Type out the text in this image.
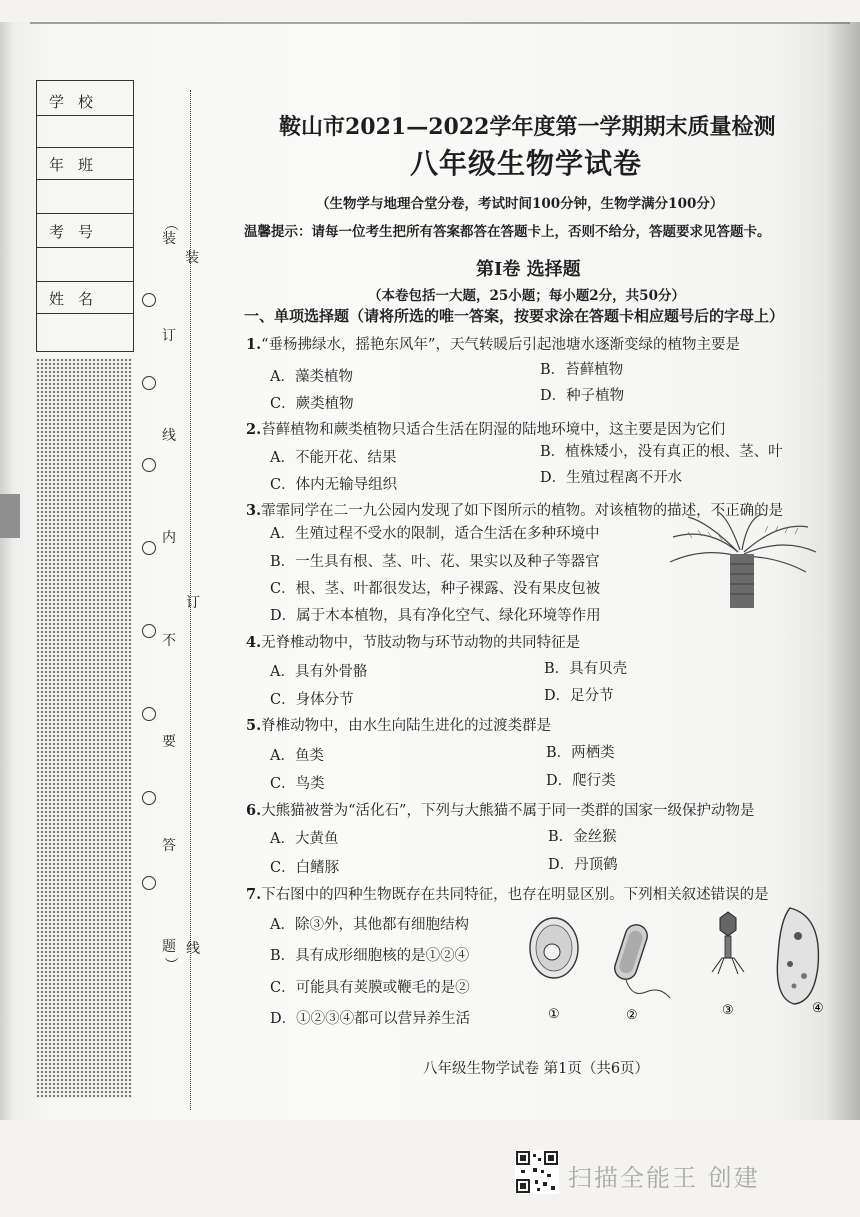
学校
年班
考号
姓名
（
装
订
线
内
不
要
答
题
）
装
订
线
鞍山市2021—2022学年度第一学期期末质量检测
八年级生物学试卷
（生物学与地理合堂分卷，考试时间100分钟，生物学满分100分）
温馨提示：请每一位考生把所有答案都答在答题卡上，否则不给分，答题要求见答题卡。
第Ⅰ卷 选择题
（本卷包括一大题，25小题；每小题2分，共50分）
一、单项选择题（请将所选的唯一答案，按要求涂在答题卡相应题号后的字母上）
1.“垂杨拂绿水，摇艳东风年”，天气转暖后引起池塘水逐渐变绿的植物主要是
A．藻类植物	B．苔藓植物
C．蕨类植物	D．种子植物
2.苔藓植物和蕨类植物只适合生活在阴湿的陆地环境中，这主要是因为它们
A．不能开花、结果	B．植株矮小，没有真正的根、茎、叶
C．体内无输导组织	D．生殖过程离不开水
3.霏霏同学在二一九公园内发现了如下图所示的植物。对该植物的描述，不正确的是
A．生殖过程不受水的限制，适合生活在多种环境中
B．一生具有根、茎、叶、花、果实以及种子等器官
C．根、茎、叶都很发达，种子裸露、没有果皮包被
D．属于木本植物，具有净化空气、绿化环境等作用
4.无脊椎动物中，节肢动物与环节动物的共同特征是
A．具有外骨骼	B．具有贝壳
C．身体分节	D．足分节
5.脊椎动物中，由水生向陆生进化的过渡类群是
A．鱼类	B．两栖类
C．鸟类	D．爬行类
6.大熊猫被誉为“活化石”，下列与大熊猫不属于同一类群的国家一级保护动物是
A．大黄鱼	B．金丝猴
C．白鳍豚	D．丹顶鹤
7.下右图中的四种生物既存在共同特征，也存在明显区别。下列相关叙述错误的是
A．除③外，其他都有细胞结构
B．具有成形细胞核的是①②④
C．可能具有荚膜或鞭毛的是②
D．①②③④都可以营异养生活	①	②	③	④
八年级生物学试卷 第1页（共6页）
扫描全能王 创建
